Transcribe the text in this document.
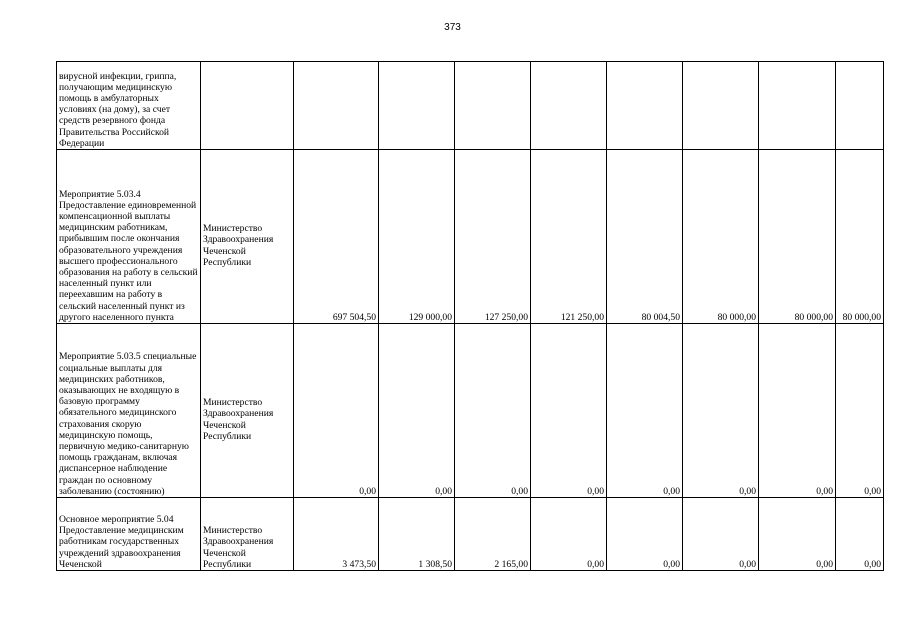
373
вирусной инфекции, гриппа, получающим медицинскую помощь в амбулаторных условиях (на дому), за счет средств резервного фонда Правительства Российской Федерации									

Мероприятие 5.03.4 Предоставление единовременной компенсационной выплаты медицинским работникам, прибывшим после окончания образовательного учреждения высшего профессионального образования на работу в сельский населенный пункт или переехавшим на работу в сельский населенный пункт из другого населенного пункта	Министерство Здравоохранения Чеченской Республики	697 504,50	129 000,00	127 250,00	121 250,00	80 004,50	80 000,00	80 000,00	80 000,00

Мероприятие 5.03.5 специальные социальные выплаты для медицинских работников, оказывающих не входящую в базовую программу обязательного медицинского страхования скорую медицинскую помощь, первичную медико-санитарную помощь гражданам, включая диспансерное наблюдение граждан по основному заболеванию (состоянию)	Министерство Здравоохранения Чеченской Республики	0,00	0,00	0,00	0,00	0,00	0,00	0,00	0,00

Основное мероприятие 5.04 Предоставление медицинским работникам государственных учреждений здравоохранения Чеченской	Министерство Здравоохранения Чеченской Республики	3 473,50	1 308,50	2 165,00	0,00	0,00	0,00	0,00	0,00
